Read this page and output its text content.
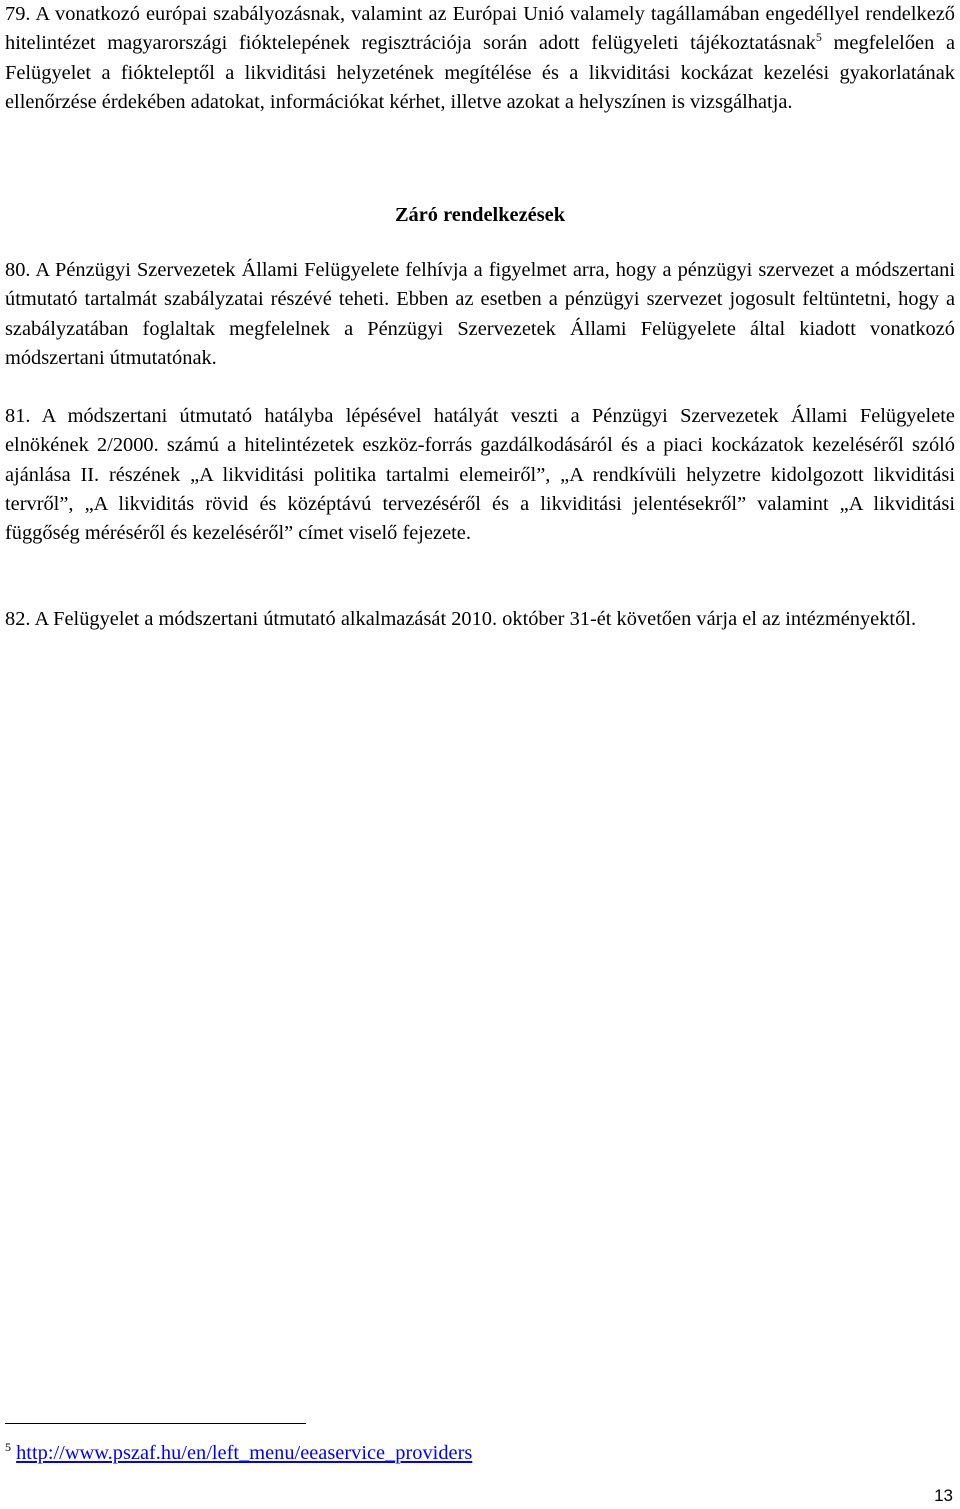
79. A vonatkozó európai szabályozásnak, valamint az Európai Unió valamely tagállamában engedéllyel rendelkező hitelintézet magyarországi fióktelepének regisztrációja során adott felügyeleti tájékoztatásnak$^5$ megfelelően a Felügyelet a fiókteleptől a likviditási helyzetének megítélése és a likviditási kockázat kezelési gyakorlatának ellenőrzése érdekében adatokat, információkat kérhet, illetve azokat a helyszínen is vizsgálhatja.

Záró rendelkezések

80. A Pénzügyi Szervezetek Állami Felügyelete felhívja a figyelmet arra, hogy a pénzügyi szervezet a módszertani útmutató tartalmát szabályzatai részévé teheti. Ebben az esetben a pénzügyi szervezet jogosult feltüntetni, hogy a szabályzatában foglaltak megfelelnek a Pénzügyi Szervezetek Állami Felügyelete által kiadott vonatkozó módszertani útmutatónak.

81. A módszertani útmutató hatályba lépésével hatályát veszti a Pénzügyi Szervezetek Állami Felügyelete elnökének 2/2000. számú a hitelintézetek eszköz-forrás gazdálkodásáról és a piaci kockázatok kezeléséről szóló ajánlása II. részének „A likviditási politika tartalmi elemeiről”, „A rendkívüli helyzetre kidolgozott likviditási tervről”, „A likviditás rövid és középtávú tervezéséről és a likviditási jelentésekről” valamint „A likviditási függőség méréséről és kezeléséről” címet viselő fejezete.

82. A Felügyelet a módszertani útmutató alkalmazását 2010. október 31-ét követően várja el az intézményektől.

$^5$ http://www.pszaf.hu/en/left_menu/eeaservice_providers
13
